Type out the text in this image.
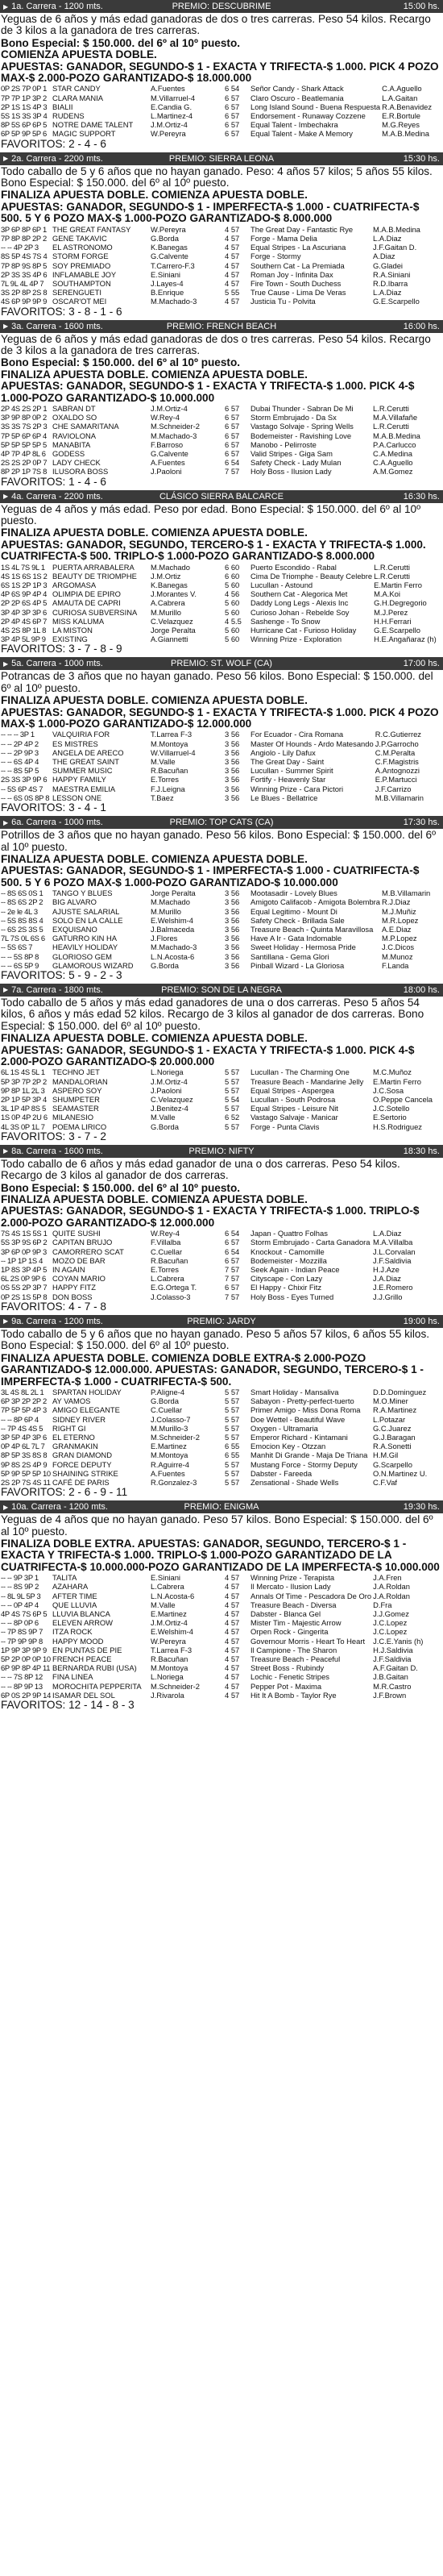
▶ 1a. Carrera - 1200 mts.	PREMIO: DESCUBRIME	15:00 hs.
Yeguas de 6 años y más edad ganadoras de dos o tres carreras. Peso 54 kilos. Recargo de 3 kilos a la ganadora de tres carreras.
Bono Especial: $ 150.000. del 6º al 10º puesto.
COMIENZA APUESTA DOBLE.
APUESTAS: GANADOR, SEGUNDO-$ 1 - EXACTA Y TRIFECTA-$ 1.000. PICK 4 POZO MAX-$ 2.000-POZO GARANTIZADO-$ 18.000.000
0P 2S 7P 0P 1	STAR CANDY	A.Fuentes	6 54	Señor Candy - Shark Attack	C.A.Aguello
7P 7P 1P 3P 2	CLARA MANIA	M.Villarruel-4	6 57	Claro Oscuro - Beatlemania	L.A.Gaitan
2P 1S 1S 4P 3	BIALII	E.Candia G.	6 57	Long Island Sound - Buena Respuesta	R.A.Benavidez
5S 1S 3S 3P 4	RUDENS	L.Martinez-4	6 57	Endorsement - Runaway Cozzene	E.R.Bortule
8P 5S 6P 6P 5	NOTRE DAME TALENT	J.M.Ortiz-4	6 57	Equal Talent - Imbechakra	M.G.Reyes
6P 5P 9P 5P 6	MAGIC SUPPORT	W.Pereyra	6 57	Equal Talent - Make A Memory	M.A.B.Medina
FAVORITOS: 2 - 4 - 6
▶ 2a. Carrera - 2200 mts.	PREMIO: SIERRA LEONA	15:30 hs.
Todo caballo de 5 y 6 años que no hayan ganado. Peso: 4 años 57 kilos; 5 años 55 kilos. Bono Especial: $ 150.000. del 6º al 10º puesto.
FINALIZA APUESTA DOBLE. COMIENZA APUESTA DOBLE.
APUESTAS: GANADOR, SEGUNDO-$ 1 - IMPERFECTA-$ 1.000 - CUATRIFECTA-$ 500. 5 Y 6 POZO MAX-$ 1.000-POZO GARANTIZADO-$ 8.000.000
3P 6P 8P 6P 1	THE GREAT FANTASY	W.Pereyra	4 57	The Great Day - Fantastic Rye	M.A.B.Medina
7P 8P 8P 2P 2	GENE TAKAVIC	G.Borda	4 57	Forge - Mama Delia	L.A.Diaz
-- -- 4P 2P 3	EL ASTRONOMO	K.Banegas	4 57	Equal Stripes - La Ascuriana	J.F.Gaitan D.
8S 5P 4S 7S 4	STORM FORGE	G.Calvente	4 57	Forge - Stormy	A.Diaz
7P 8P 9S 8P 5	SOY PREMIADO	T.Carrero-F.3	4 57	Southern Cat - La Premiada	G.Gladei
2P 3S 3S 4P 6	INFLAMABLE JOY	E.Siniani	4 57	Roman Joy - Infinita Dax	R.A.Siniani
7L 9L 4L 4P 7	SOUTHAMPTON	J.Layes-4	4 57	Fire Town - South Duchess	R.D.Ibarra
3S 2P 8P 2S 8	SERENGUETI	B.Enrique	5 55	True Cause - Lima De Veras	L.A.Diaz
4S 6P 9P 9P 9	OSCAR'OT MEI	M.Machado-3	4 57	Justicia Tu - Polvita	G.E.Scarpello
FAVORITOS: 3 - 8 - 1 - 6
▶ 3a. Carrera - 1600 mts.	PREMIO: FRENCH BEACH	16:00 hs.
Yeguas de 6 años y más edad ganadoras de dos o tres carreras. Peso 54 kilos. Recargo de 3 kilos a la ganadora de tres carreras.
Bono Especial: $ 150.000. del 6º al 10º puesto.
FINALIZA APUESTA DOBLE. COMIENZA APUESTA DOBLE.
APUESTAS: GANADOR, SEGUNDO-$ 1 - EXACTA Y TRIFECTA-$ 1.000. PICK 4-$ 1.000-POZO GARANTIZADO-$ 10.000.000
2P 4S 2S 2P 1	SABRAN DT	J.M.Ortiz-4	6 57	Dubai Thunder - Sabran De Mi	L.R.Cerutti
3P 9P 8P 0P 2	OXALDO SO	W.Rey-4	6 57	Storm Embrujado - Da Sx	M.A.Villafañe
3S 3S 7S 2P 3	CHE SAMARITANA	M.Schneider-2	6 57	Vastago Solvaje - Spring Wells	L.R.Cerutti
7P 5P 6P 6P 4	RAVIOLONA	M.Machado-3	6 57	Bodemeister - Ravishing Love	M.A.B.Medina
5P 5P 5P 5P 5	MANABITA	F.Barroso	6 57	Manobo - Pelirroste	P.A.Carlucco
4P 7P 4P 8L 6	GODESS	G.Calvente	6 57	Valid Stripes - Giga Sam	C.A.Medina
2S 2S 2P 0P 7	LADY CHECK	A.Fuentes	6 54	Safety Check - Lady Mulan	C.A.Aguello
8P 2P 1P 7S 8	ILUSORA BOSS	J.Paoloni	7 57	Holy Boss - Ilusion Lady	A.M.Gomez
FAVORITOS: 1 - 4 - 6
▶ 4a. Carrera - 2200 mts.	CLÁSICO SIERRA BALCARCE	16:30 hs.
Yeguas de 4 años y más edad. Peso por edad. Bono Especial: $ 150.000. del 6º al 10º puesto.
FINALIZA APUESTA DOBLE. COMIENZA APUESTA DOBLE.
APUESTAS: GANADOR, SEGUNDO, TERCERO-$ 1 - EXACTA Y TRIFECTA-$ 1.000. CUATRIFECTA-$ 500. TRIPLO-$ 1.000-POZO GARANTIZADO-$ 8.000.000
1S 4L 7S 9L 1	PUERTA ARRABALERA	M.Machado	6 60	Puerto Escondido - Rabal	L.R.Cerutti
4S 1S 6S 1S 2	BEAUTY DE TRIOMPHE	J.M.Ortiz	6 60	Cima De Triomphe - Beauty Celebre	L.R.Cerutti
6S 1S 2P 1P 3	ARGOMASA	K.Banegas	5 60	Lucullan - Astound	E.Martin Ferro
4P 6S 9P 4P 4	OLIMPIA DE EPIRO	J.Morantes V.	4 56	Southern Cat - Alegorica Met	M.A.Koi
2P 2P 6S 4P 5	AMAUTA DE CAPRI	A.Cabrera	5 60	Daddy Long Legs - Alexis Inc	G.H.Degregorio
3P 4P 3P 3P 6	CURIOSA SUBVERSINA	M.Murillo	5 60	Curioso Johan - Rebelde Soy	M.J.Perez
2P 4P 4S 6P 7	MISS KALUMA	C.Velazquez	4 5.5	Sashenge - To Snow	H.H.Ferrari
4S 2S 8P 1L 8	LA MISTON	Jorge Peralta	5 60	Hurricane Cat - Furioso Holiday	G.E.Scarpello
3P 4P 5L 9P 9	EXISTING	A.Giannetti	5 60	Winning Prize - Exploration	H.E.Angañaraz (h)
FAVORITOS: 3 - 7 - 8 - 9
▶ 5a. Carrera - 1000 mts.	PREMIO: ST. WOLF (CA)	17:00 hs.
Potrancas de 3 años que no hayan ganado. Peso 56 kilos. Bono Especial: $ 150.000. del 6º al 10º puesto.
FINALIZA APUESTA DOBLE. COMIENZA APUESTA DOBLE.
APUESTAS: GANADOR, SEGUNDO-$ 1 - EXACTA Y TRIFECTA-$ 1.000. PICK 4 POZO MAX-$ 1.000-POZO GARANTIZADO-$ 12.000.000
-- -- -- 3P 1	VALQUIRIA FOR	T.Larrea F-3	3 56	For Ecuador - Cira Romana	R.C.Gutierrez
-- -- 2P 4P 2	ES MISTRES	M.Montoya	3 56	Master Of Hounds - Ardo Matesando	J.P.Garrocho
-- -- 2P 9P 3	ANGELA DE ARECO	W.Villarruel-4	3 56	Angiolo - Lily Dafux	C.M.Peralta
-- -- 6S 4P 4	THE GREAT SAINT	M.Valle	3 56	The Great Day - Saint	C.F.Magistris
-- -- 8S 5P 5	SUMMER MUSIC	R.Bacuñan	3 56	Lucullan - Summer Spirit	A.Antognozzi
2S 3S 3P 9P 6	HAPPY FAMILY	E.Torres	3 56	Fortify - Heavenly Star	E.P.Martucci
-- 5S 6P 4S 7	MAESTRA EMILIA	F.J.Leigna	3 56	Winning Prize - Cara Pictori	J.F.Carrizo
-- -- 6S 0S 8P 8	LESSON ONE	T.Baez	3 56	Le Blues - Bellatrice	M.B.Villamarin
FAVORITOS: 3 - 4 - 1
▶ 6a. Carrera - 1000 mts.	PREMIO: TOP CATS (CA)	17:30 hs.
Potrillos de 3 años que no hayan ganado. Peso 56 kilos. Bono Especial: $ 150.000. del 6º al 10º puesto.
FINALIZA APUESTA DOBLE. COMIENZA APUESTA DOBLE.
APUESTAS: GANADOR, SEGUNDO-$ 1 - IMPERFECTA-$ 1.000 - CUATRIFECTA-$ 500. 5 Y 6 POZO MAX-$ 1.000-POZO GARANTIZADO-$ 10.000.000
-- 8S 6S 0S 1	TANGO Y BLUES	Jorge Peralta	3 56	Mootasadir - Lovely Blues	M.B.Villamarin
-- 8S 6S 2P 2	BIG ALVARO	M.Machado	3 56	Amigoto Califacob - Amigota Bolembra	R.J.Diaz
-- 2e le 4L 3	AJUSTE SALARIAL	M.Murillo	3 56	Equal Legitimo - Mount Di	M.J.Muñiz
-- 5S 8S 8S 4	SOLO EN LA CALLE	E.Welshim-4	3 56	Safety Check - Brillada Sale	M.R.Lopez
-- 6S 2S 3S 5	EXQUISANO	J.Balmaceda	3 56	Treasure Beach - Quinta Maravillosa	A.E.Diaz
7L 7S 0L 6S 6	GATURRO KIN HA	J.Flores	3 56	Have A Ir - Gata Indomable	M.P.Lopez
-- 5S 6S 7	HEAVILY HOLIDAY	M.Machado-3	3 56	Sweet Holiday - Hermosa Pride	J.C.Dicos
-- -- 5S 8P 8	GLORIOSO GEM	L.N.Acosta-6	3 56	Santillana - Gema Glori	M.Munoz
-- -- 6S 5P 9	GLAMOROUS WIZARD	G.Borda	3 56	Pinball Wizard - La Gloriosa	F.Landa
FAVORITOS: 5 - 9 - 2 - 3
▶ 7a. Carrera - 1800 mts.	PREMIO: SON DE LA NEGRA	18:00 hs.
Todo caballo de 5 años y más edad ganadores de una o dos carreras. Peso 5 años 54 kilos, 6 años y más edad 52 kilos. Recargo de 3 kilos al ganador de dos carreras. Bono Especial: $ 150.000. del 6º al 10º puesto.
FINALIZA APUESTA DOBLE. COMIENZA APUESTA DOBLE.
APUESTAS: GANADOR, SEGUNDO-$ 1 - EXACTA Y TRIFECTA-$ 1.000. PICK 4-$ 2.000-POZO GARANTIZADO-$ 20.000.000
6L 1S 4S 5L 1	TECHNO JET	L.Noriega	5 57	Lucullan - The Charming One	M.C.Muñoz
5P 3P 7P 2P 2	MANDALORIAN	J.M.Ortiz-4	5 57	Treasure Beach - Mandarine Jelly	E.Martin Ferro
9P 8P 1L 2L 3	ASPERO SOY	J.Paoloni	5 57	Equal Stripes - Aspergea	J.C.Sosa
2P 1P 5P 3P 4	SHUMPETER	C.Velazquez	5 54	Lucullan - South Podrosa	O.Peppe Cancela
3L 1P 4P 8S 5	SEAMASTER	J.Benitez-4	5 57	Equal Stripes - Leisure Nit	J.C.Sotello
1S 0P 4P 2U 6	MILANESIO	M.Valle	6 52	Vastago Salvaje - Manicar	E.Sertorio
4L 3S 0P 1L 7	POEMA LIRICO	G.Borda	5 57	Forge - Punta Clavis	H.S.Rodriguez
FAVORITOS: 3 - 7 - 2
▶ 8a. Carrera - 1600 mts.	PREMIO: NIFTY	18:30 hs.
Todo caballo de 6 años y más edad ganador de una o dos carreras. Peso 54 kilos. Recargo de 3 kilos al ganador de dos carreras.
Bono Especial: $ 150.000. del 6º al 10º puesto.
FINALIZA APUESTA DOBLE. COMIENZA APUESTA DOBLE.
APUESTAS: GANADOR, SEGUNDO-$ 1 - EXACTA Y TRIFECTA-$ 1.000. TRIPLO-$ 2.000-POZO GARANTIZADO-$ 12.000.000
7S 4S 1S 5S 1	QUITE SUSHI	W.Rey-4	6 54	Japan - Quattro Folhas	L.A.Diaz
5S 3P 9S 6P 2	CAPITAN BRUJO	F.Villalba	6 57	Storm Embrujado - Carta Ganadora	M.A.Villalba
3P 6P 0P 9P 3	CAMORRERO SCAT	C.Cuellar	6 54	Knockout - Camomille	J.L.Corvalan
-- 1P 1P 1S 4	MOZO DE BAR	R.Bacuñan	6 57	Bodemeister - Mozzilla	J.F.Saldivia
1P 8S 3P 4P 5	IN AGAIN	E.Torres	7 57	Seek Again - Indian Peace	H.J.Aze
6L 2S 0P 9P 6	COYAN MARIO	L.Cabrera	7 57	Cityscape - Con Lazy	J.A.Diaz
0S 5S 2P 3P 7	HAPPY FITZ	E.G.Ortega T.	6 57	El Happy - Chixir Fitz	J.E.Romero
0P 2S 1S 5P 8	DON BOSS	J.Colasso-3	7 57	Holy Boss - Eyes Turned	J.J.Grillo
FAVORITOS: 4 - 7 - 8
▶ 9a. Carrera - 1200 mts.	PREMIO: JARDY	19:00 hs.
Todo caballo de 5 y 6 años que no hayan ganado. Peso 5 años 57 kilos, 6 años 55 kilos. Bono Especial: $ 150.000. del 6º al 10º puesto.
FINALIZA APUESTA DOBLE. COMIENZA DOBLE EXTRA-$ 2.000-POZO GARANTIZADO-$ 12.000.000. APUESTAS: GANADOR, SEGUNDO, TERCERO-$ 1 - IMPERFECTA-$ 1.000 - CUATRIFECTA-$ 500.
3L 4S 8L 2L 1	SPARTAN HOLIDAY	P.Aligne-4	5 57	Smart Holiday - Mansaliva	D.D.Dominguez
6P 3P 2P 2P 2	AY VAMOS	G.Borda	5 57	Sabayon - Pretty-perfect-tuerto	M.O.Miner
7P 5P 5P 4P 3	AMIGO ELEGANTE	C.Cuellar	5 57	Primer Amigo - Miss Dona Roma	R.A.Martinez
-- -- 8P 6P 4	SIDNEY RIVER	J.Colasso-7	5 57	Doe Wettel - Beautiful Wave	L.Potazar
-- 7P 4S 4S 5	RIGHT GI	M.Murillo-3	5 57	Oxygen - Ultramaria	G.C.Juarez
3P 5P 4P 3P 6	EL ETERNO	M.Schneider-2	5 57	Emperor Richard - Kintamani	G.J.Baragan
0P 4P 6L 7L 7	GRANMAKIN	E.Martinez	6 55	Emocion Key - Otzzan	R.A.Sonetti
8P 5P 3S 8S 8	GRAN DIAMOND	M.Montoya	6 55	Manhit Di Grande - Maja De Triana	H.M.Gil
9P 8S 2S 4P 9	FORCE DEPUTY	R.Aguirre-4	5 57	Mustang Force - Stormy Deputy	G.Scarpello
5P 9P 5P 5P 10	SHAINING STRIKE	A.Fuentes	5 57	Dabster - Fareeda	O.N.Martinez U.
2S 2P 7S 4S 11	CAFÉ DE PARIS	R.Gonzalez-3	5 57	Zensational - Shade Wells	C.F.Vaf
FAVORITOS: 2 - 6 - 9 - 11
▶ 10a. Carrera - 1200 mts.	PREMIO: ENIGMA	19:30 hs.
Yeguas de 4 años que no hayan ganado. Peso 57 kilos. Bono Especial: $ 150.000. del 6º al 10º puesto.
FINALIZA DOBLE EXTRA. APUESTAS: GANADOR, SEGUNDO, TERCERO-$ 1 - EXACTA Y TRIFECTA-$ 1.000. TRIPLO-$ 1.000-POZO GARANTIZADO DE LA CUATRIFECTA-$ 10.000.000-POZO GARANTIZADO DE LA IMPERFECTA-$ 10.000.000
-- -- 9P 3P 1	TALITA	E.Siniani	4 57	Winning Prize - Terapista	J.A.Fren
-- -- 8S 9P 2	AZAHARA	L.Cabrera	4 57	Il Mercato - Ilusion Lady	J.A.Roldan
-- 8L 9L 5P 3	AFTER TIME	L.N.Acosta-6	4 57	Annals Of Time - Pescadora De Oro	J.A.Roldan
-- -- 0P 4P 4	QUE LLUVIA	M.Valle	4 57	Treasure Beach - Diversa	D.Fra
4P 4S 7S 6P 5	LLUVIA BLANCA	E.Martinez	4 57	Dabster - Blanca Gel	J.J.Gomez
-- -- 8P 0P 6	ELEVEN ARROW	J.M.Ortiz-4	4 57	Mister Tim - Majestic Arrow	J.C.Lopez
-- 7P 8S 9P 7	ITZA ROCK	E.Welshim-4	4 57	Orpen Rock - Gingerita	J.C.Lopez
-- 7P 9P 9P 8	HAPPY MOOD	W.Pereyra	4 57	Governour Morris - Heart To Heart	J.C.E.Yanis (h)
1P 9P 3P 9P 9	EN PUNTAS DE PIE	T.Larrea F-3	4 57	Il Campione - The Sharon	H.J.Saldivia
5P 2P 0P 0P 10	FRENCH PEACE	R.Bacuñan	4 57	Treasure Beach - Peaceful	J.F.Saldivia
6P 9P 8P 4P 11	BERNARDA RUBI (USA)	M.Montoya	4 57	Street Boss - Rubindy	A.F.Gaitan D.
-- -- 7S 8P 12	FINA LINEA	L.Noriega	4 57	Lochic - Fenetic Stripes	J.B.Gaitan
-- -- 8P 9P 13	MOROCHITA PEPPERITA	M.Schneider-2	4 57	Pepper Pot - Maxima	M.R.Castro
6P 0S 2P 9P 14	ISAMAR DEL SOL	J.Rivarola	4 57	Hit It A Bomb - Taylor Rye	J.F.Brown
FAVORITOS: 12 - 14 - 8 - 3
